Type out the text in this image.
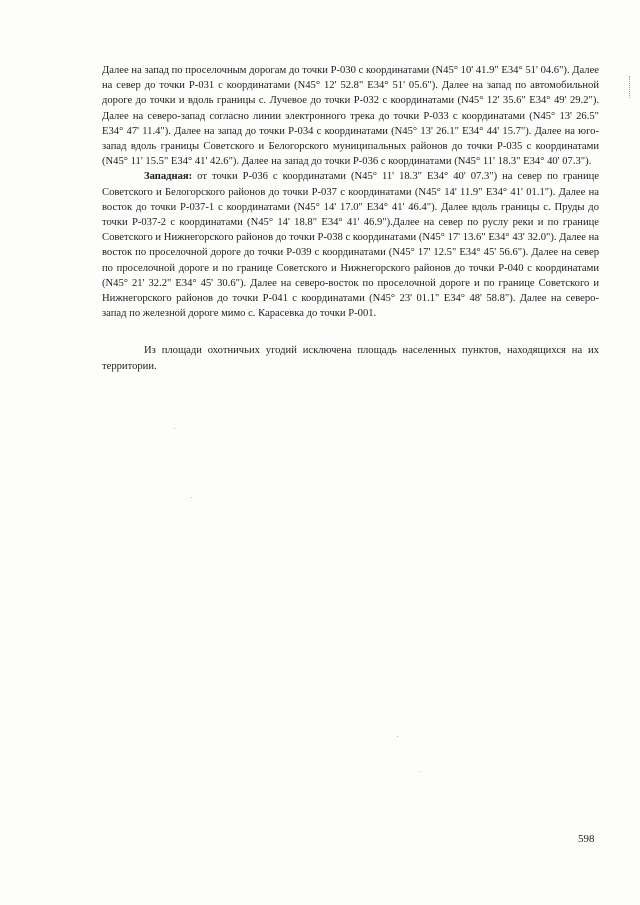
Далее на запад по проселочным дорогам до точки Р-030 с координатами (N45° 10' 41.9" E34° 51' 04.6"). Далее на север до точки Р-031 с координатами (N45° 12' 52.8" E34° 51' 05.6"). Далее на запад по автомобильной дороге до точки и вдоль границы с. Лучевое до точки Р-032 с координатами (N45° 12' 35.6" E34° 49' 29.2"). Далее на северо-запад согласно линии электронного трека до точки Р-033 с координатами (N45° 13' 26.5" E34° 47' 11.4"). Далее на запад до точки Р-034 с координатами (N45° 13' 26.1" E34° 44' 15.7"). Далее на юго-запад вдоль границы Советского и Белогорского муниципальных районов до точки Р-035 с координатами (N45° 11' 15.5" E34° 41' 42.6"). Далее на запад до точки Р-036 с координатами (N45° 11' 18.3" E34° 40' 07.3").

Западная: от точки Р-036 с координатами (N45° 11' 18.3" E34° 40' 07.3") на север по границе Советского и Белогорского районов до точки Р-037 с координатами (N45° 14' 11.9" E34° 41' 01.1"). Далее на восток до точки Р-037-1 с координатами (N45° 14' 17.0" E34° 41' 46.4"). Далее вдоль границы с. Пруды до точки Р-037-2 с координатами (N45° 14' 18.8" E34° 41' 46.9").Далее на север по руслу реки и по границе Советского и Нижнегорского районов до точки Р-038 с координатами (N45° 17' 13.6" E34° 43' 32.0"). Далее на восток по проселочной дороге до точки Р-039 с координатами (N45° 17' 12.5" E34° 45' 56.6"). Далее на север по проселочной дороге и по границе Советского и Нижнегорского районов до точки Р-040 с координатами (N45° 21' 32.2" E34° 45' 30.6"). Далее на северо-восток по проселочной дороге и по границе Советского и Нижнегорского районов до точки Р-041 с координатами (N45° 23' 01.1" E34° 48' 58.8"). Далее на северо- запад по железной дороге мимо с. Карасевка до точки Р-001.

Из площади охотничьих угодий исключена площадь населенных пунктов, находящихся на их территории.

598
